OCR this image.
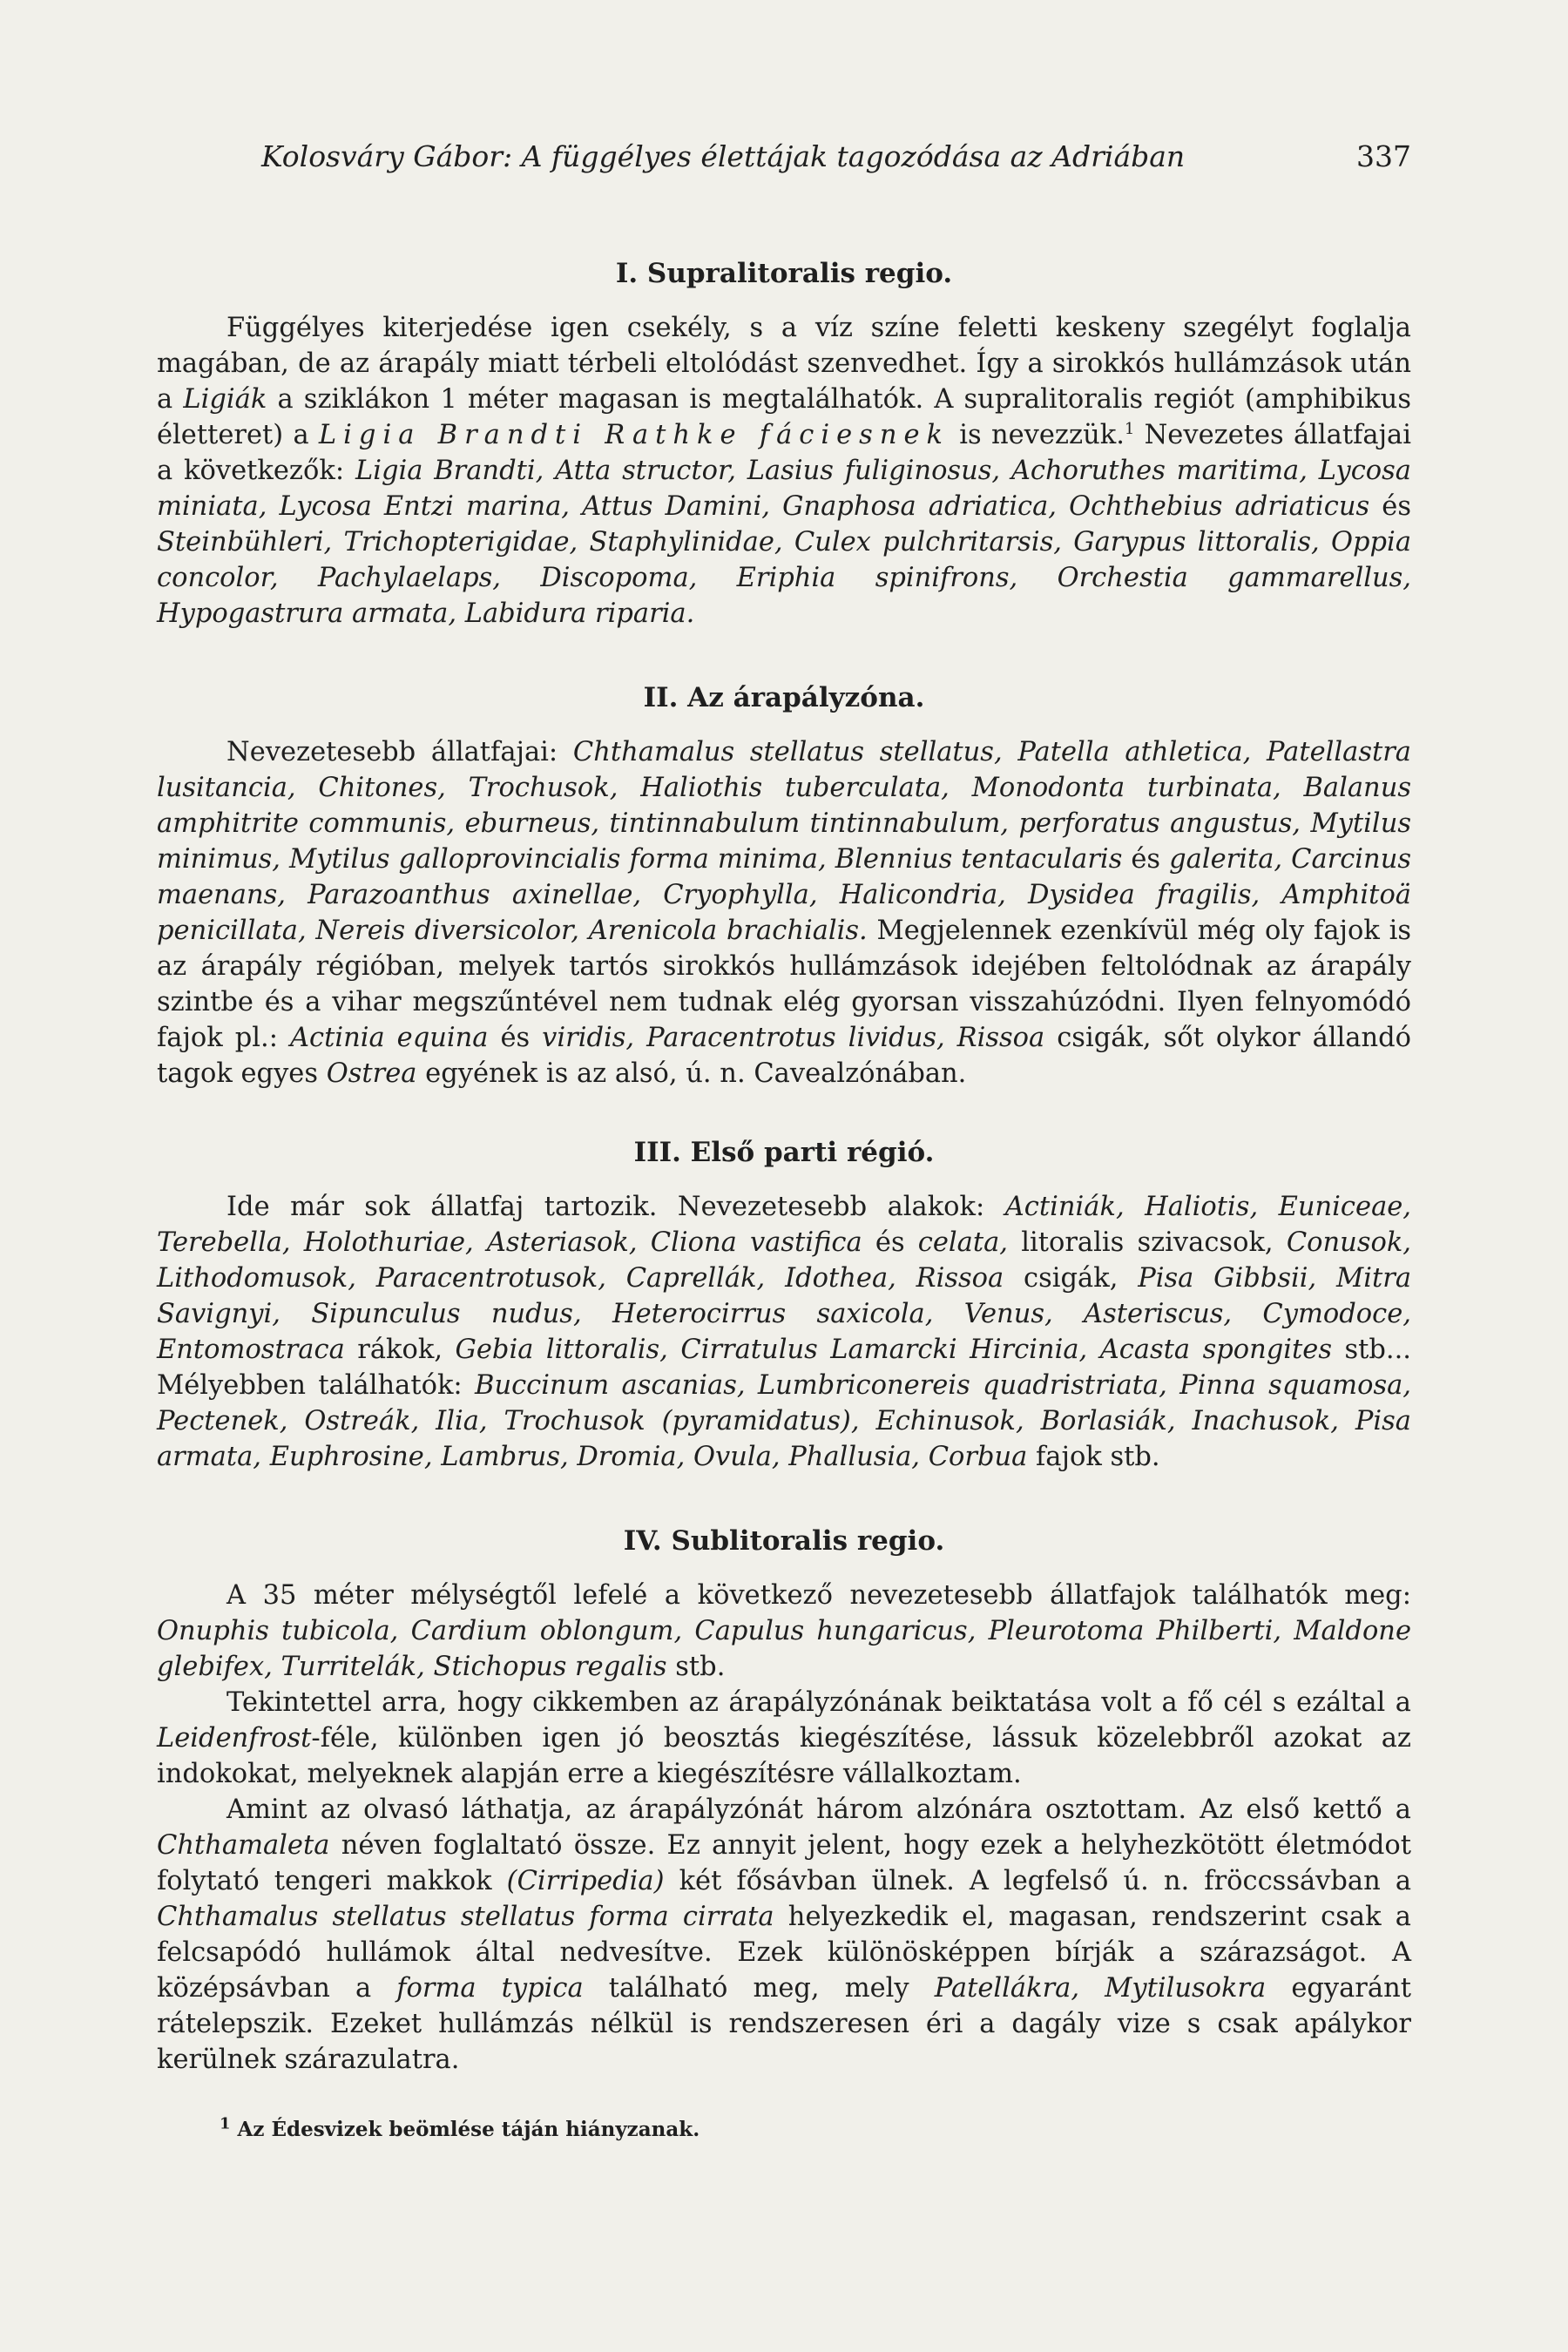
Kolosváry Gábor: A függélyes élettájak tagozódása az Adriában	337
I. Supralitoralis regio.

Függélyes kiterjedése igen csekély, s a víz színe feletti keskeny szegélyt foglalja magában, de az árapály miatt térbeli eltolódást szenvedhet. Így a sirokkós hullámzások után a Ligiák a sziklákon 1 méter magasan is megtalálhatók. A supralitoralis regiót (amphibikus életteret) a Ligia Brandti Rathke fáciesnek is nevezzük.$^1$ Nevezetes állatfajai a következők: Ligia Brandti, Atta structor, Lasius fuliginosus, Achoruthes maritima, Lycosa miniata, Lycosa Entzi marina, Attus Damini, Gnaphosa adriatica, Ochthebius adriaticus és Steinbühleri, Trichopterigidae, Staphylinidae, Culex pulchritarsis, Garypus littoralis, Oppia concolor, Pachylaelaps, Discopoma, Eriphia spinifrons, Orchestia gammarellus, Hypogastrura armata, Labidura riparia.

II. Az árapályzóna.

Nevezetesebb állatfajai: Chthamalus stellatus stellatus, Patella athletica, Patellastra lusitancia, Chitones, Trochusok, Haliothis tuberculata, Monodonta turbinata, Balanus amphitrite communis, eburneus, tintinnabulum tintinnabulum, perforatus angustus, Mytilus minimus, Mytilus galloprovincialis forma minima, Blennius tentacularis és galerita, Carcinus maenans, Parazoanthus axinellae, Cryophylla, Halicondria, Dysidea fragilis, Amphitoä penicillata, Nereis diversicolor, Arenicola brachialis. Megjelennek ezenkívül még oly fajok is az árapály régióban, melyek tartós sirokkós hullámzások idejében feltolódnak az árapály szintbe és a vihar megszűntével nem tudnak elég gyorsan visszahúzódni. Ilyen felnyomódó fajok pl.: Actinia equina és viridis, Paracentrotus lividus, Rissoa csigák, sőt olykor állandó tagok egyes Ostrea egyének is az alsó, ú. n. Cavealzónában.

III. Első parti régió.

Ide már sok állatfaj tartozik. Nevezetesebb alakok: Actiniák, Haliotis, Euniceae, Terebella, Holothuriae, Asteriasok, Cliona vastifica és celata, litoralis szivacsok, Conusok, Lithodomusok, Paracentrotusok, Caprellák, Idothea, Rissoa csigák, Pisa Gibbsii, Mitra Savignyi, Sipunculus nudus, Heterocirrus saxicola, Venus, Asteriscus, Cymodoce, Entomostraca rákok, Gebia littoralis, Cirratulus Lamarcki Hircinia, Acasta spongites stb... Mélyebben találhatók: Buccinum ascanias, Lumbriconereis quadristriata, Pinna squamosa, Pectenek, Ostreák, Ilia, Trochusok (pyramidatus), Echinusok, Borlasiák, Inachusok, Pisa armata, Euphrosine, Lambrus, Dromia, Ovula, Phallusia, Corbua fajok stb.

IV. Sublitoralis regio.

A 35 méter mélységtől lefelé a következő nevezetesebb állatfajok találhatók meg: Onuphis tubicola, Cardium oblongum, Capulus hungaricus, Pleurotoma Philberti, Maldone glebifex, Turritelák, Stichopus regalis stb.

Tekintettel arra, hogy cikkemben az árapályzónának beiktatása volt a fő cél s ezáltal a Leidenfrost-féle, különben igen jó beosztás kiegészítése, lássuk közelebbről azokat az indokokat, melyeknek alapján erre a kiegészítésre vállalkoztam.

Amint az olvasó láthatja, az árapályzónát három alzónára osztottam. Az első kettő a Chthamaleta néven foglaltató össze. Ez annyit jelent, hogy ezek a helyhezkötött életmódot folytató tengeri makkok (Cirripedia) két fősávban ülnek. A legfelső ú. n. fröccssávban a Chthamalus stellatus stellatus forma cirrata helyezkedik el, magasan, rendszerint csak a felcsapódó hullámok által nedvesítve. Ezek különösképpen bírják a szárazságot. A középsávban a forma typica található meg, mely Patellákra, Mytilusokra egyaránt rátelepszik. Ezeket hullámzás nélkül is rendszeresen éri a dagály vize s csak apálykor kerülnek szárazulatra.

$^1$ Az Édesvizek beömlése táján hiányzanak.
